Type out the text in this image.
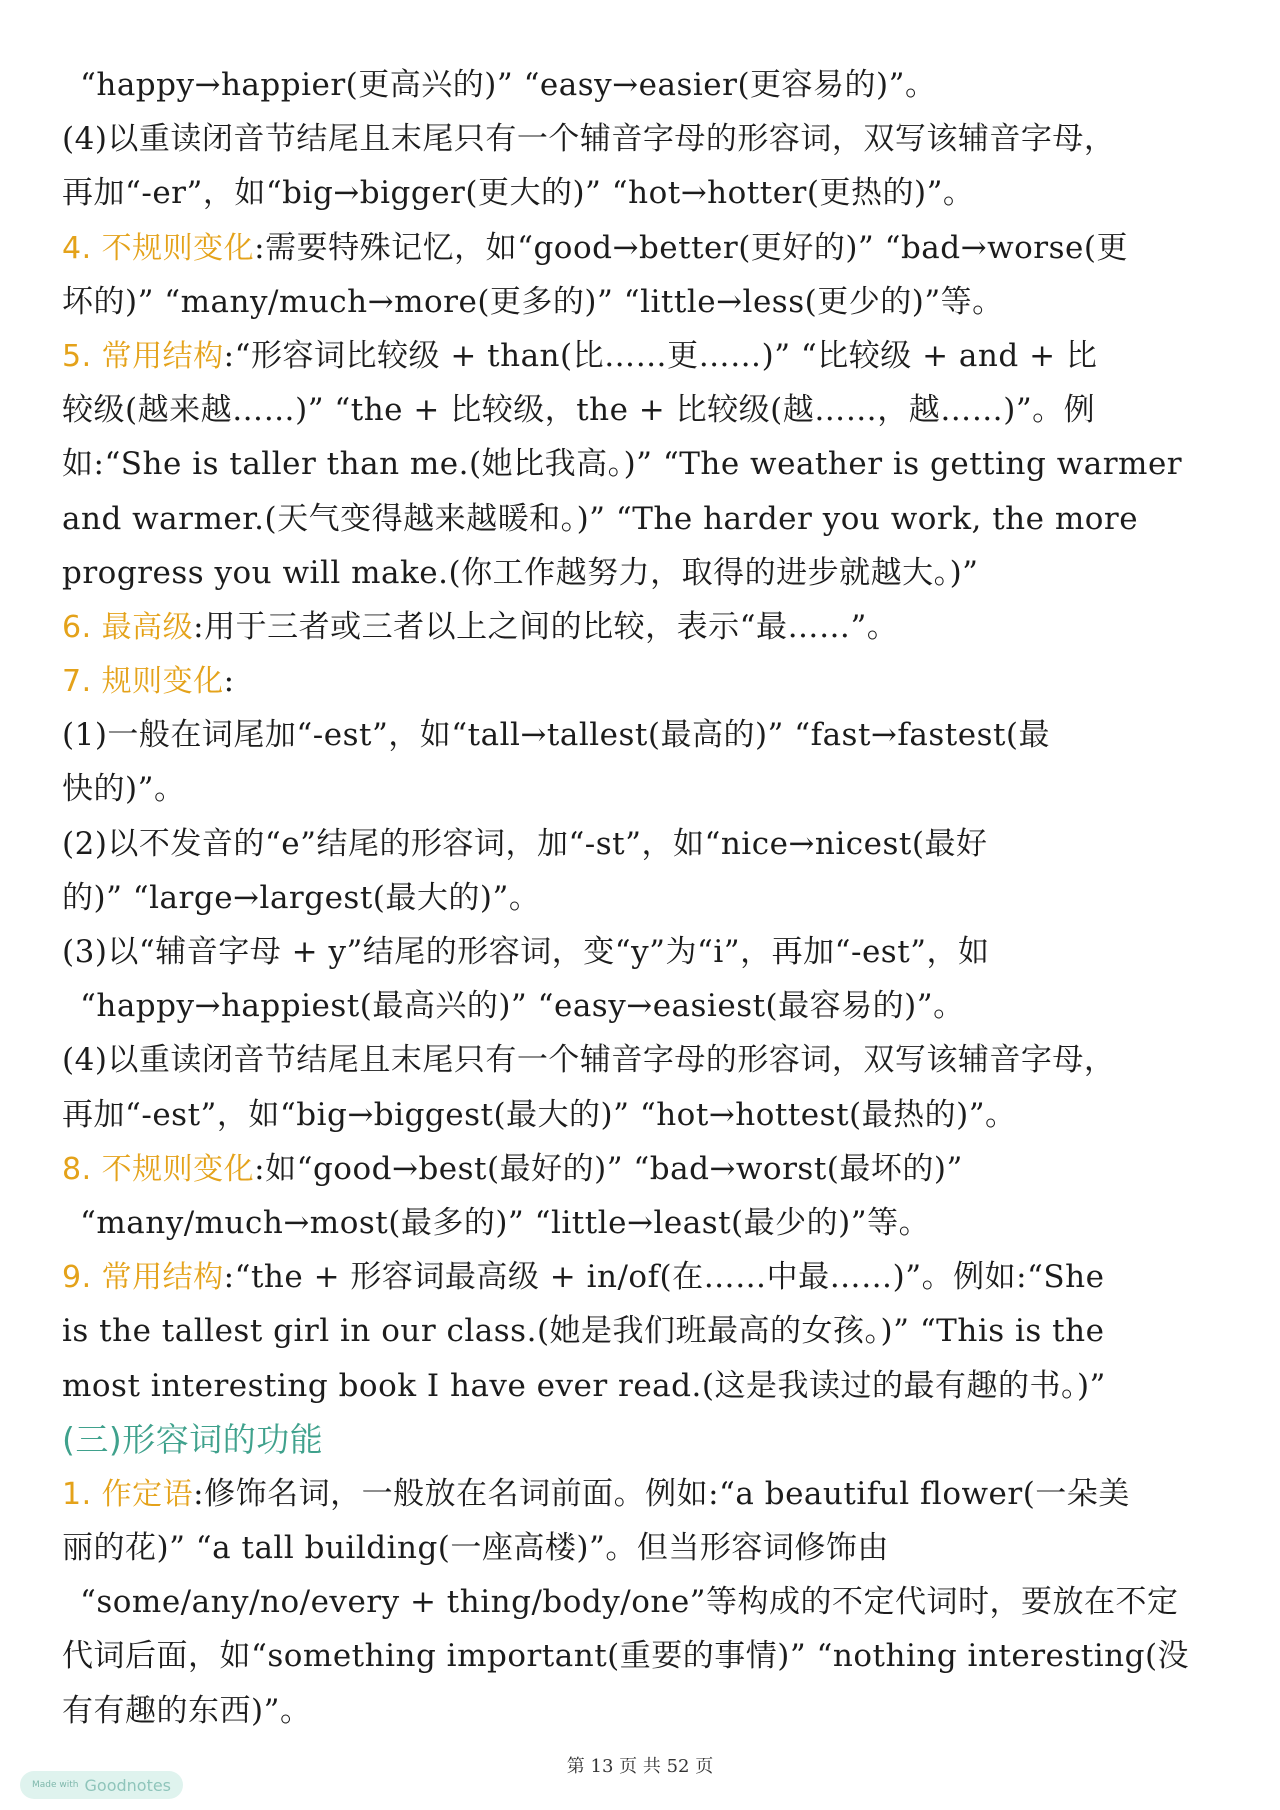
“happy→happier(更高兴的)” “easy→easier(更容易的)”。
(4)以重读闭音节结尾且末尾只有一个辅音字母的形容词，双写该辅音字母，
再加“-er”，如“big→bigger(更大的)” “hot→hotter(更热的)”。
4. 不规则变化:需要特殊记忆，如“good→better(更好的)” “bad→worse(更
坏的)” “many/much→more(更多的)” “little→less(更少的)”等。
5. 常用结构:“形容词比较级 + than(比……更……)” “比较级 + and + 比
较级(越来越……)” “the + 比较级，the + 比较级(越……，越……)”。例
如:“She is taller than me.(她比我高。)” “The weather is getting warmer
and warmer.(天气变得越来越暖和。)” “The harder you work, the more
progress you will make.(你工作越努力，取得的进步就越大。)”
6. 最高级:用于三者或三者以上之间的比较，表示“最……”。
7. 规则变化:
(1)一般在词尾加“-est”，如“tall→tallest(最高的)” “fast→fastest(最
快的)”。
(2)以不发音的“e”结尾的形容词，加“-st”，如“nice→nicest(最好
的)” “large→largest(最大的)”。
(3)以“辅音字母 + y”结尾的形容词，变“y”为“i”，再加“-est”，如
“happy→happiest(最高兴的)” “easy→easiest(最容易的)”。
(4)以重读闭音节结尾且末尾只有一个辅音字母的形容词，双写该辅音字母，
再加“-est”，如“big→biggest(最大的)” “hot→hottest(最热的)”。
8. 不规则变化:如“good→best(最好的)” “bad→worst(最坏的)”
“many/much→most(最多的)” “little→least(最少的)”等。
9. 常用结构:“the + 形容词最高级 + in/of(在……中最……)”。例如:“She
is the tallest girl in our class.(她是我们班最高的女孩。)” “This is the
most interesting book I have ever read.(这是我读过的最有趣的书。)”
(三)形容词的功能
1. 作定语:修饰名词，一般放在名词前面。例如:“a beautiful flower(一朵美
丽的花)” “a tall building(一座高楼)”。但当形容词修饰由
“some/any/no/every + thing/body/one”等构成的不定代词时，要放在不定
代词后面，如“something important(重要的事情)” “nothing interesting(没
有有趣的东西)”。
第 13 页 共 52 页
Made with Goodnotes
